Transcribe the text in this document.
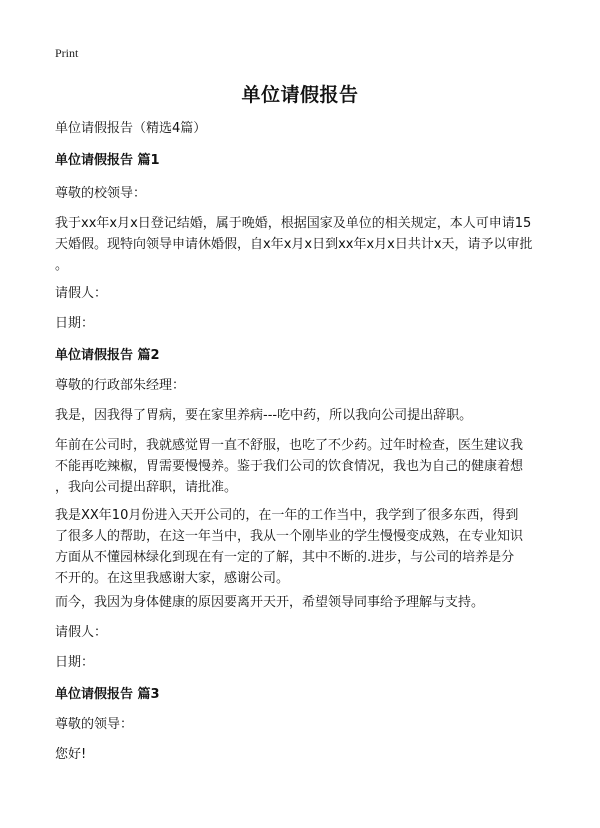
Print
单位请假报告

单位请假报告（精选4篇）

单位请假报告 篇1

尊敬的校领导：

我于xx年x月x日登记结婚，属于晚婚，根据国家及单位的相关规定，本人可申请15

天婚假。现特向领导申请休婚假，自x年x月x日到xx年x月x日共计x天，请予以审批

。

请假人：

日期：

单位请假报告 篇2

尊敬的行政部朱经理：

我是，因我得了胃病，要在家里养病---吃中药，所以我向公司提出辞职。

年前在公司时，我就感觉胃一直不舒服，也吃了不少药。过年时检查，医生建议我

不能再吃辣椒，胃需要慢慢养。鉴于我们公司的饮食情况，我也为自己的健康着想

，我向公司提出辞职，请批准。

我是XX年10月份进入天开公司的，在一年的工作当中，我学到了很多东西，得到

了很多人的帮助，在这一年当中，我从一个刚毕业的学生慢慢变成熟，在专业知识

方面从不懂园林绿化到现在有一定的了解，其中不断的.进步，与公司的培养是分

不开的。在这里我感谢大家，感谢公司。

而今，我因为身体健康的原因要离开天开，希望领导同事给予理解与支持。

请假人：

日期：

单位请假报告 篇3

尊敬的领导：

您好!
